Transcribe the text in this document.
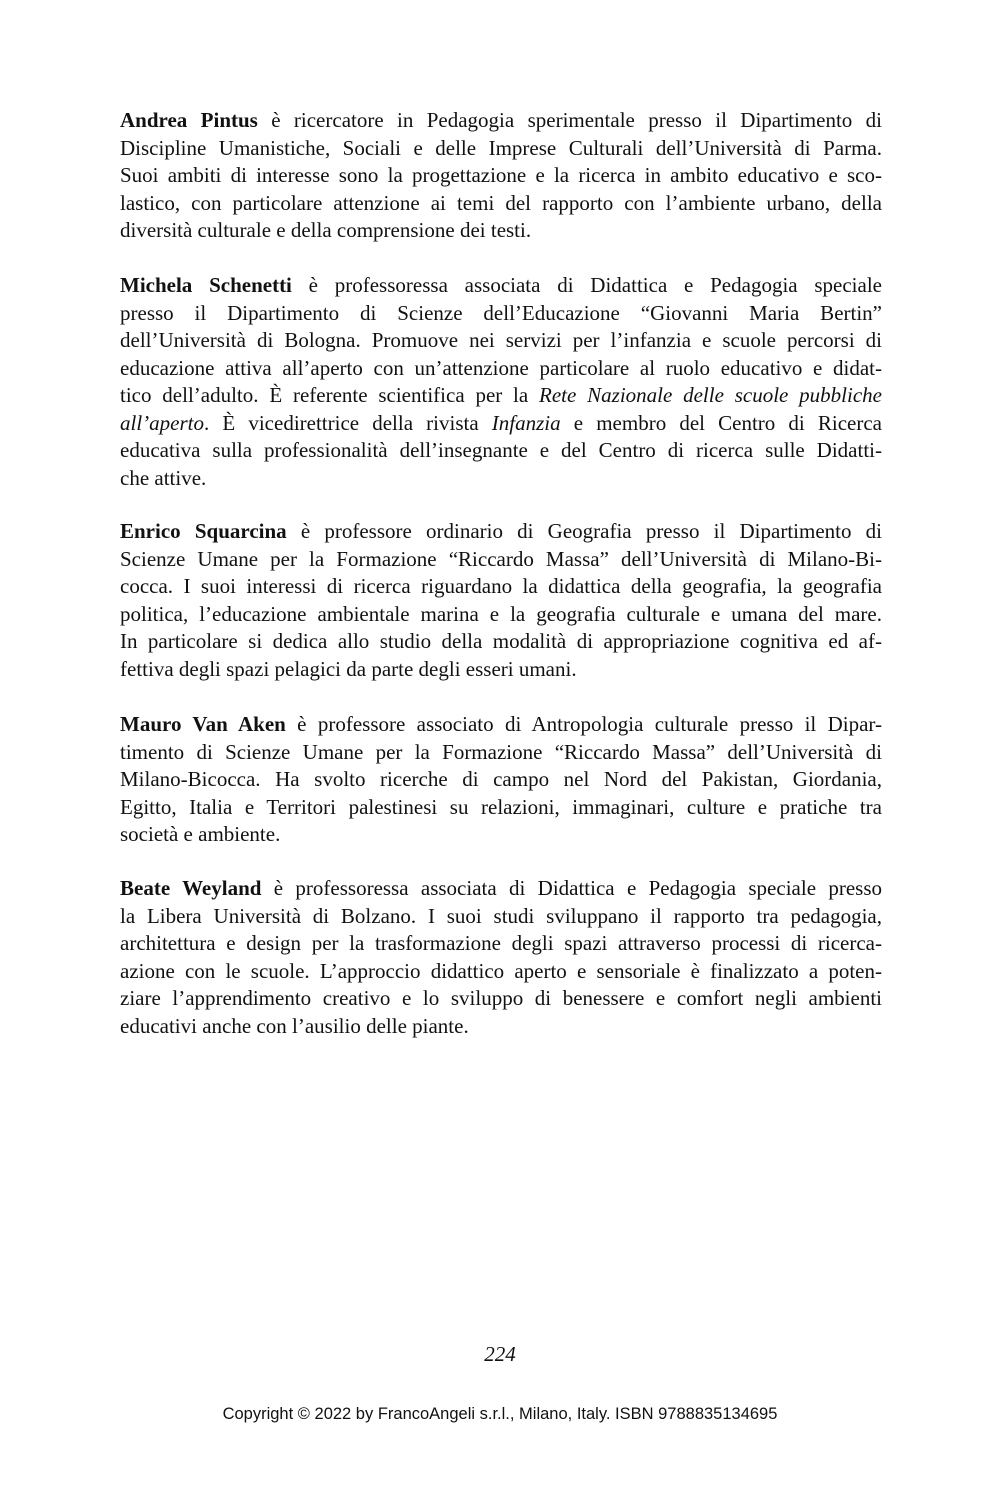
Andrea Pintus è ricercatore in Pedagogia sperimentale presso il Dipartimento di
Discipline Umanistiche, Sociali e delle Imprese Culturali dell’Università di Parma.
Suoi ambiti di interesse sono la progettazione e la ricerca in ambito educativo e sco-
lastico, con particolare attenzione ai temi del rapporto con l’ambiente urbano, della
diversità culturale e della comprensione dei testi.
Michela Schenetti è professoressa associata di Didattica e Pedagogia speciale
presso il Dipartimento di Scienze dell’Educazione “Giovanni Maria Bertin”
dell’Università di Bologna. Promuove nei servizi per l’infanzia e scuole percorsi di
educazione attiva all’aperto con un’attenzione particolare al ruolo educativo e didat-
tico dell’adulto. È referente scientifica per la Rete Nazionale delle scuole pubbliche
all’aperto. È vicedirettrice della rivista Infanzia e membro del Centro di Ricerca
educativa sulla professionalità dell’insegnante e del Centro di ricerca sulle Didatti-
che attive.
Enrico Squarcina è professore ordinario di Geografia presso il Dipartimento di
Scienze Umane per la Formazione “Riccardo Massa” dell’Università di Milano-Bi-
cocca. I suoi interessi di ricerca riguardano la didattica della geografia, la geografia
politica, l’educazione ambientale marina e la geografia culturale e umana del mare.
In particolare si dedica allo studio della modalità di appropriazione cognitiva ed af-
fettiva degli spazi pelagici da parte degli esseri umani.
Mauro Van Aken è professore associato di Antropologia culturale presso il Dipar-
timento di Scienze Umane per la Formazione “Riccardo Massa” dell’Università di
Milano-Bicocca. Ha svolto ricerche di campo nel Nord del Pakistan, Giordania,
Egitto, Italia e Territori palestinesi su relazioni, immaginari, culture e pratiche tra
società e ambiente.
Beate Weyland è professoressa associata di Didattica e Pedagogia speciale presso
la Libera Università di Bolzano. I suoi studi sviluppano il rapporto tra pedagogia,
architettura e design per la trasformazione degli spazi attraverso processi di ricerca-
azione con le scuole. L’approccio didattico aperto e sensoriale è finalizzato a poten-
ziare l’apprendimento creativo e lo sviluppo di benessere e comfort negli ambienti
educativi anche con l’ausilio delle piante.
224
Copyright © 2022 by FrancoAngeli s.r.l., Milano, Italy. ISBN 9788835134695
